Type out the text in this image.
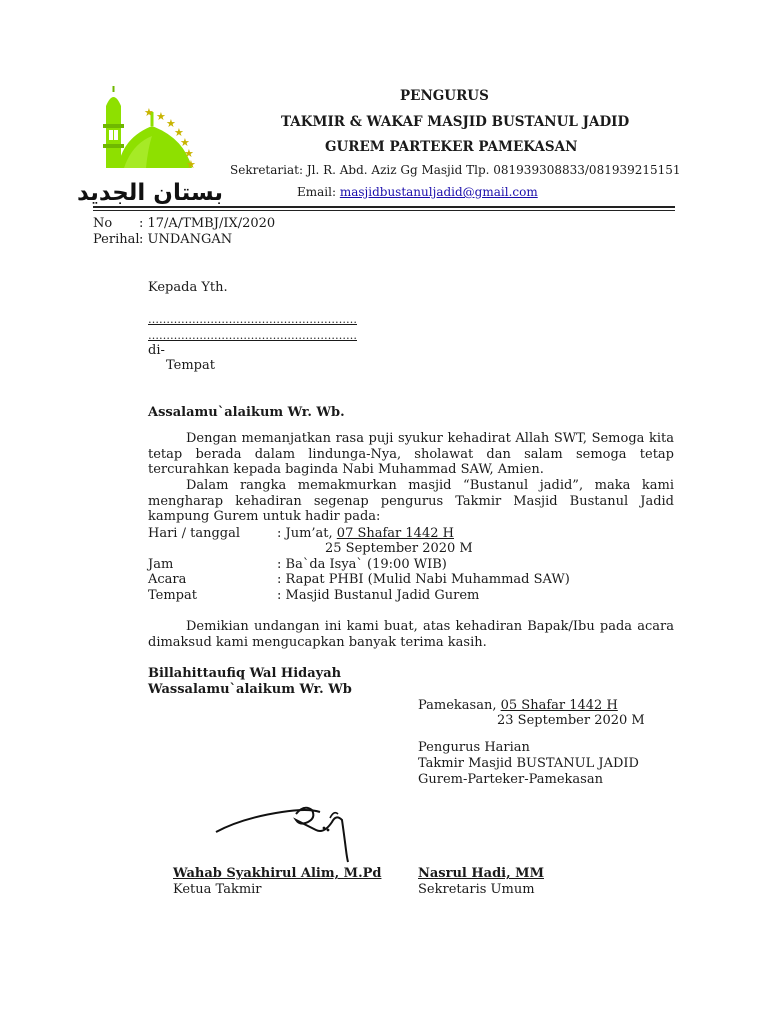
★ ★
★
★
★
★
★
بستان الجديد
PENGURUS
TAKMIR & WAKAF MASJID BUSTANUL JADID
GUREM PARTEKER PAMEKASAN
Sekretariat: Jl. R. Abd. Aziz Gg Masjid Tlp. 081939308833/081939215151
Email: masjidbustanuljadid@gmail.com
No : 17/A/TMBJ/IX/2020
Perihal : UNDANGAN
Kepada Yth.
…………………………………………………
…………………………………………………
di-
Tempat
Assalamu`alaikum Wr. Wb.
Dengan memanjatkan rasa puji syukur kehadirat Allah SWT, Semoga kita tetap berada dalam lindunga-Nya, sholawat dan salam semoga tetap tercurahkan kepada baginda Nabi Muhammad SAW, Amien.
Dalam rangka memakmurkan masjid “Bustanul jadid”, maka kami mengharap kehadiran segenap pengurus Takmir Masjid Bustanul Jadid kampung Gurem untuk hadir pada:
Hari / tanggal	: Jum’at, 07 Shafar 1442 H
25 September 2020 M
Jam	: Ba`da Isya` (19:00 WIB)
Acara	: Rapat PHBI (Mulid Nabi Muhammad SAW)
Tempat	: Masjid Bustanul Jadid Gurem
Demikian undangan ini kami buat, atas kehadiran Bapak/Ibu pada acara dimaksud kami mengucapkan banyak terima kasih.
Billahittaufiq Wal Hidayah
Wassalamu`alaikum Wr. Wb
Pamekasan, 05 Shafar 1442 H
23 September 2020 M
Pengurus Harian
Takmir Masjid BUSTANUL JADID
Gurem-Parteker-Pamekasan
Wahab Syakhirul Alim, M.Pd
Ketua Takmir
Nasrul Hadi, MM
Sekretaris Umum
